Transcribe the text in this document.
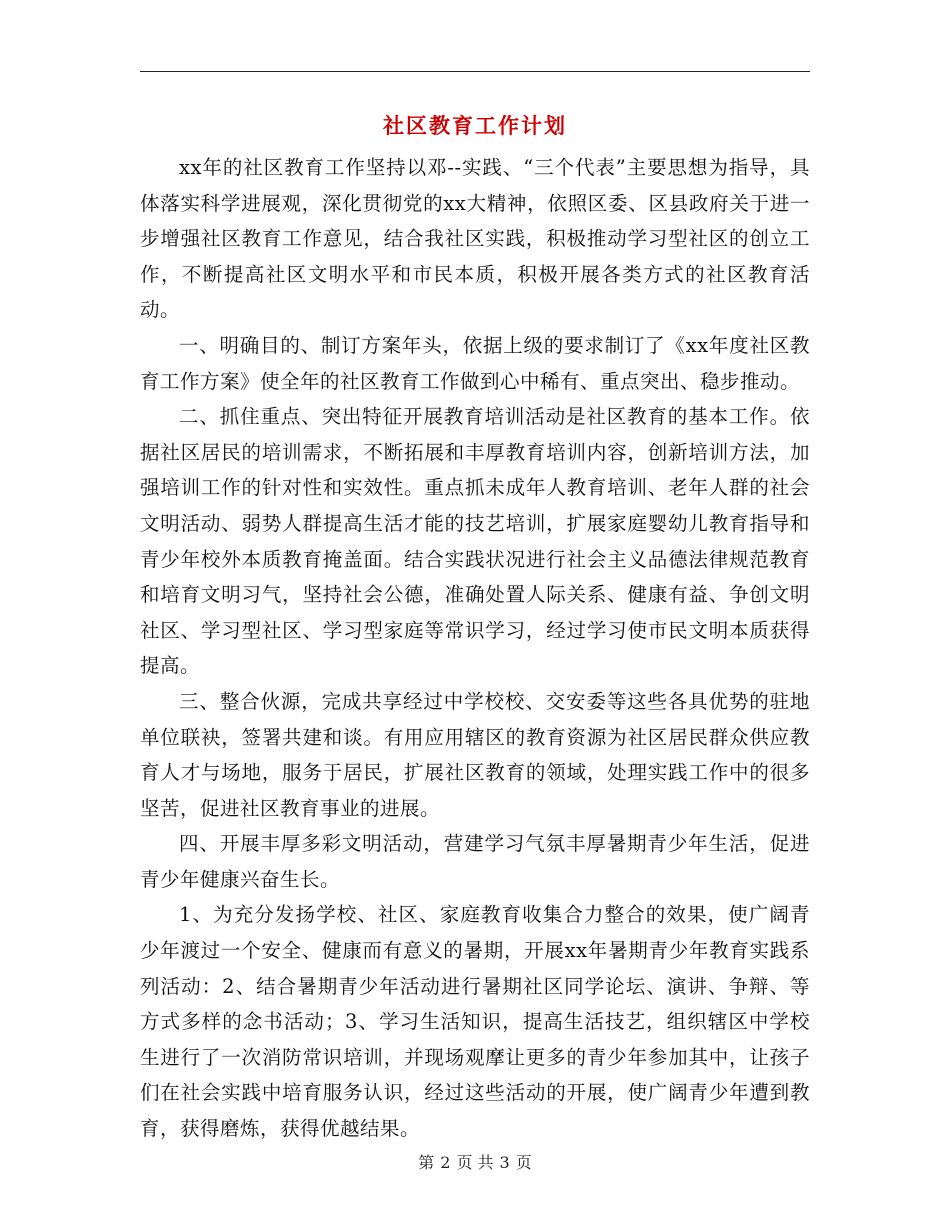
社区教育工作计划

xx年的社区教育工作坚持以邓--实践、“三个代表”主要思想为指导，具体落实科学进展观，深化贯彻党的xx大精神，依照区委、区县政府关于进一步增强社区教育工作意见，结合我社区实践，积极推动学习型社区的创立工作，不断提高社区文明水平和市民本质，积极开展各类方式的社区教育活动。

一、明确目的、制订方案年头，依据上级的要求制订了《xx年度社区教育工作方案》使全年的社区教育工作做到心中稀有、重点突出、稳步推动。

二、抓住重点、突出特征开展教育培训活动是社区教育的基本工作。依据社区居民的培训需求，不断拓展和丰厚教育培训内容，创新培训方法，加强培训工作的针对性和实效性。重点抓未成年人教育培训、老年人群的社会文明活动、弱势人群提高生活才能的技艺培训，扩展家庭婴幼儿教育指导和青少年校外本质教育掩盖面。结合实践状况进行社会主义品德法律规范教育和培育文明习气，坚持社会公德，准确处置人际关系、健康有益、争创文明社区、学习型社区、学习型家庭等常识学习，经过学习使市民文明本质获得提高。

三、整合伙源，完成共享经过中学校校、交安委等这些各具优势的驻地单位联袂，签署共建和谈。有用应用辖区的教育资源为社区居民群众供应教育人才与场地，服务于居民，扩展社区教育的领域，处理实践工作中的很多坚苦，促进社区教育事业的进展。

四、开展丰厚多彩文明活动，营建学习气氛丰厚暑期青少年生活，促进青少年健康兴奋生长。

1、为充分发扬学校、社区、家庭教育收集合力整合的效果，使广阔青少年渡过一个安全、健康而有意义的暑期，开展xx年暑期青少年教育实践系列活动：2、结合暑期青少年活动进行暑期社区同学论坛、演讲、争辩、等方式多样的念书活动；3、学习生活知识，提高生活技艺，组织辖区中学校生进行了一次消防常识培训，并现场观摩让更多的青少年参加其中，让孩子们在社会实践中培育服务认识，经过这些活动的开展，使广阔青少年遭到教育，获得磨炼，获得优越结果。

第 2 页 共 3 页
